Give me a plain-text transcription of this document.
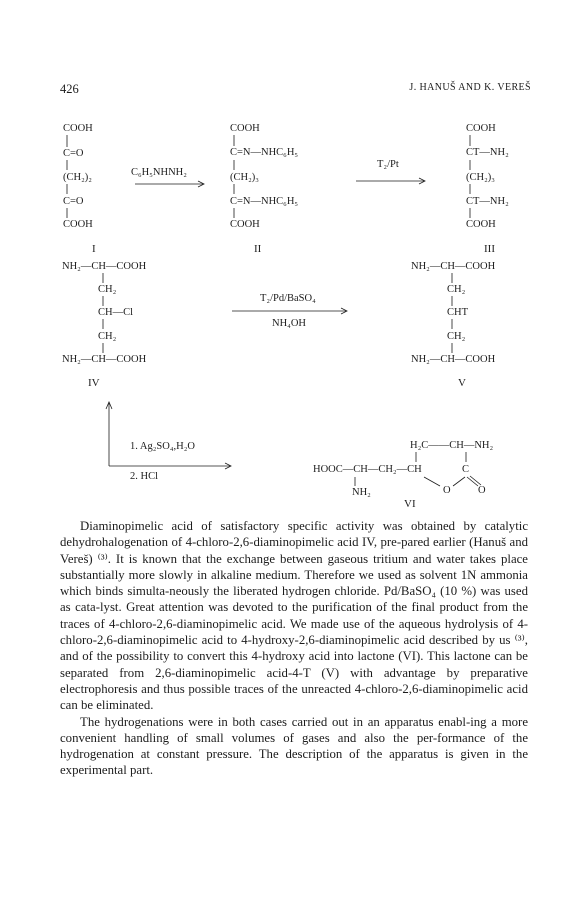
426	J. HANUŠ AND K. VEREŠ
COOH
C=O
(CH₂)₂
C=O
COOH
I
C₆H₅NHNH₂
COOH
C=N—NHC₆H₅
(CH₂)₃
C=N—NHC₆H₅
COOH
II
T₂/Pt
COOH
CT—NH₂
(CH₂)₃
CT—NH₂
COOH
III
NH₂—CH—COOH
CH₂
CH—Cl
CH₂
NH₂—CH—COOH
IV
T₂/Pd/BaSO₄
NH₄OH
NH₂—CH—COOH
CH₂
CHT
CH₂
NH₂—CH—COOH
V
1. Ag₂SO₄,H₂O
2. HCl
H₂C——CH—NH₂
HOOC—CH—CH₂—CH	C
NH₂	O	O
VI

Diaminopimelic acid of satisfactory specific activity was obtained by catalytic dehydrohalogenation of 4-chloro-2,6-diaminopimelic acid IV, pre-pared earlier (Hanuš and Vereš) ⁽³⁾. It is known that the exchange between gaseous tritium and water takes place substantially more slowly in alkaline medium. Therefore we used as solvent 1N ammonia which binds simulta-neously the liberated hydrogen chloride. Pd/BaSO₄ (10 %) was used as cata-lyst. Great attention was devoted to the purification of the final product from the traces of 4-chloro-2,6-diaminopimelic acid. We made use of the aqueous hydrolysis of 4-chloro-2,6-diaminopimelic acid to 4-hydroxy-2,6-diaminopimelic acid described by us ⁽³⁾, and of the possibility to convert this 4-hydroxy acid into lactone (VI). This lactone can be separated from 2,6-diaminopimelic acid-4-T (V) with advantage by preparative electrophoresis and thus possible traces of the unreacted 4-chloro-2,6-diaminopimelic acid can be eliminated.

The hydrogenations were in both cases carried out in an apparatus enabl-ing a more convenient handling of small volumes of gases and also the per-formance of the hydrogenation at constant pressure. The description of the apparatus is given in the experimental part.
